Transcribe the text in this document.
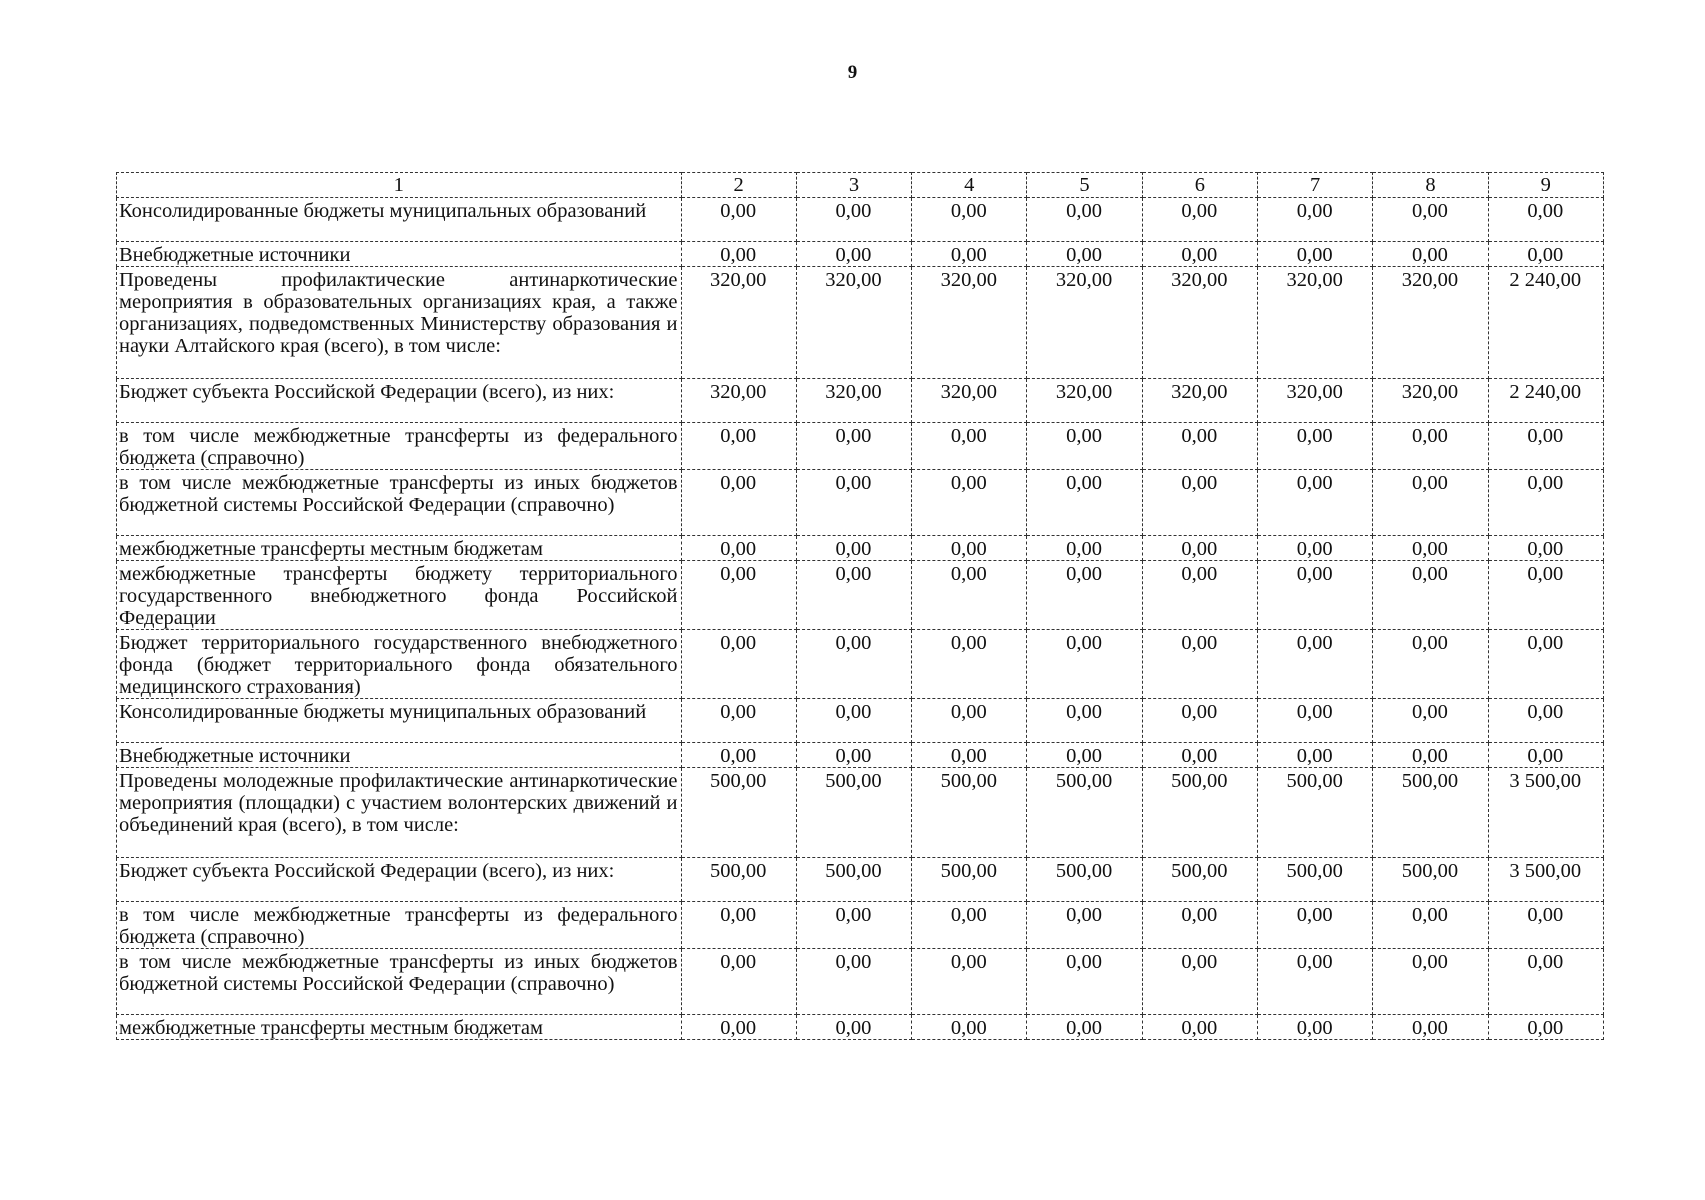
9
1	2	3	4	5	6	7	8	9
Консолидированные бюджеты муниципальных образований	0,00	0,00	0,00	0,00	0,00	0,00	0,00	0,00
Внебюджетные источники	0,00	0,00	0,00	0,00	0,00	0,00	0,00	0,00
Проведены профилактические антинаркотические мероприятия в образовательных организациях края, а также организациях, подведомственных Министерству образования и науки Алтайского края (всего), в том числе:	320,00	320,00	320,00	320,00	320,00	320,00	320,00	2 240,00
Бюджет субъекта Российской Федерации (всего), из них:	320,00	320,00	320,00	320,00	320,00	320,00	320,00	2 240,00
в том числе межбюджетные трансферты из федерального бюджета (справочно)	0,00	0,00	0,00	0,00	0,00	0,00	0,00	0,00
в том числе межбюджетные трансферты из иных бюджетов бюджетной системы Российской Федерации (справочно)	0,00	0,00	0,00	0,00	0,00	0,00	0,00	0,00
межбюджетные трансферты местным бюджетам	0,00	0,00	0,00	0,00	0,00	0,00	0,00	0,00
межбюджетные трансферты бюджету территориального государственного внебюджетного фонда Российской Федерации	0,00	0,00	0,00	0,00	0,00	0,00	0,00	0,00
Бюджет территориального государственного внебюджетного фонда (бюджет территориального фонда обязательного медицинского страхования)	0,00	0,00	0,00	0,00	0,00	0,00	0,00	0,00
Консолидированные бюджеты муниципальных образований	0,00	0,00	0,00	0,00	0,00	0,00	0,00	0,00
Внебюджетные источники	0,00	0,00	0,00	0,00	0,00	0,00	0,00	0,00
Проведены молодежные профилактические антинаркотические мероприятия (площадки) с участием волонтерских движений и объединений края (всего), в том числе:	500,00	500,00	500,00	500,00	500,00	500,00	500,00	3 500,00
Бюджет субъекта Российской Федерации (всего), из них:	500,00	500,00	500,00	500,00	500,00	500,00	500,00	3 500,00
в том числе межбюджетные трансферты из федерального бюджета (справочно)	0,00	0,00	0,00	0,00	0,00	0,00	0,00	0,00
в том числе межбюджетные трансферты из иных бюджетов бюджетной системы Российской Федерации (справочно)	0,00	0,00	0,00	0,00	0,00	0,00	0,00	0,00
межбюджетные трансферты местным бюджетам	0,00	0,00	0,00	0,00	0,00	0,00	0,00	0,00
